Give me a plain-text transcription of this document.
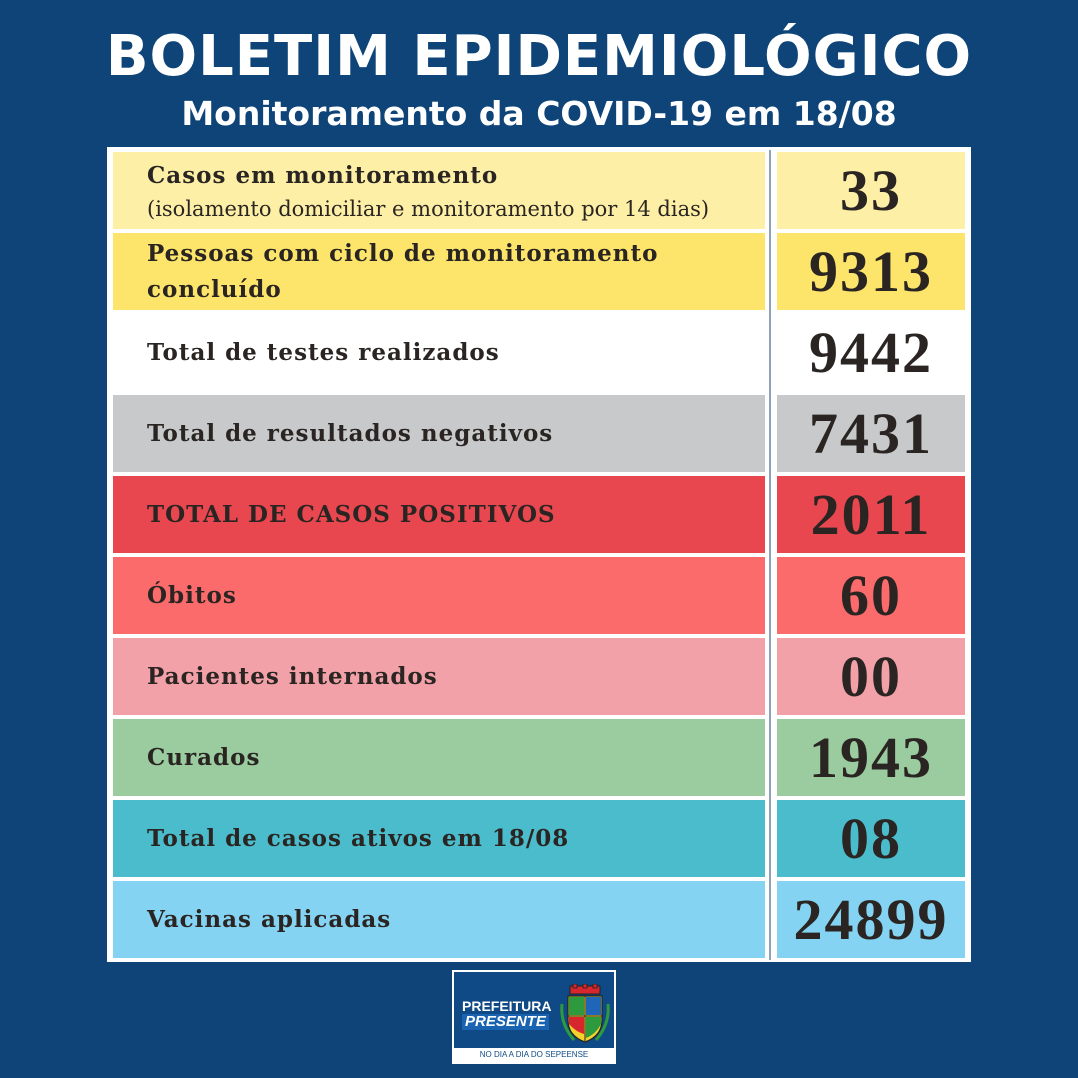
BOLETIM EPIDEMIOLÓGICO
Monitoramento da COVID-19 em 18/08
Casos em monitoramento
(isolamento domiciliar e monitoramento por 14 dias)	33
Pessoas com ciclo de monitoramento
concluído	9313
Total de testes realizados	9442
Total de resultados negativos	7431
TOTAL DE CASOS POSITIVOS	2011
Óbitos	60
Pacientes internados	00
Curados	1943
Total de casos ativos em 18/08	08
Vacinas aplicadas	24899
PREFEITURA
PRESENTE
NO DIA A DIA DO SEPEENSE
